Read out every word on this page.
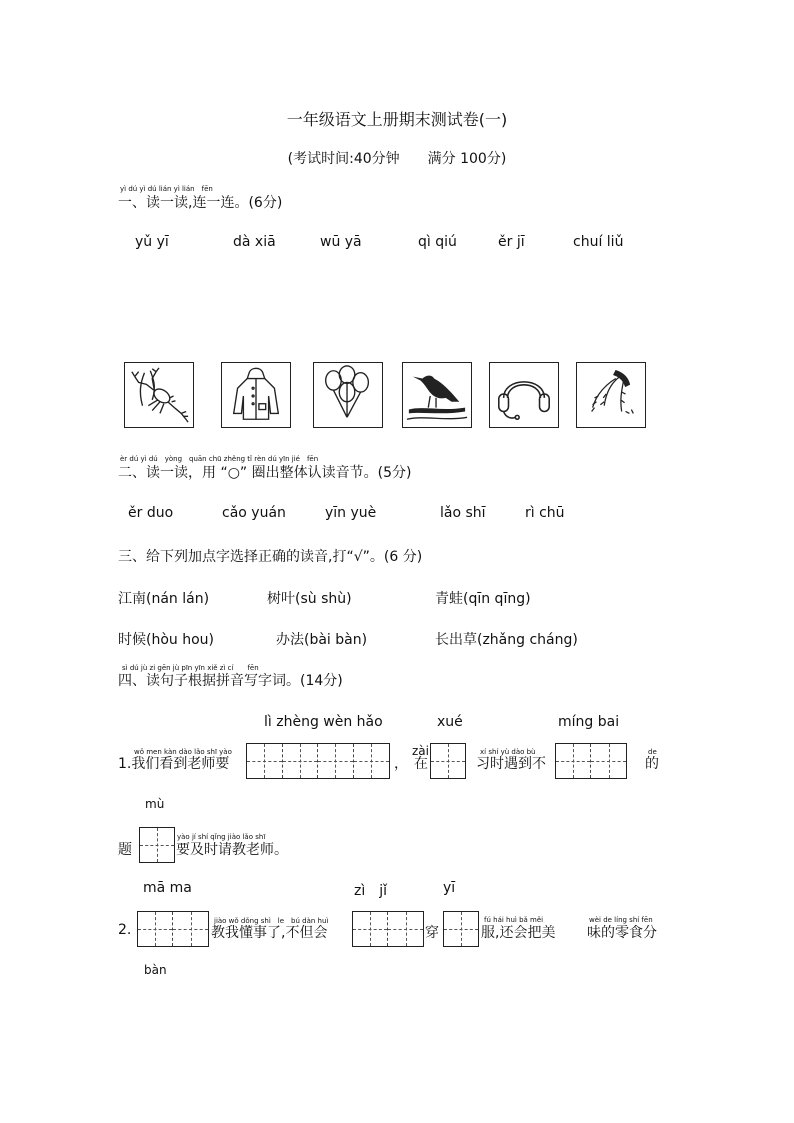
一年级语文上册期末测试卷(一)
(考试时间:40分钟　　满分 100分)
yì dú yì dú lián yì lián　fēn
一、读一读,连一连。(6分)
yǔ yī	dà xiā	wū yā	qì qiú	ěr jī	chuí liǔ
èr dú yì dú　yòng　quān chū zhěng tǐ rèn dú yīn jié　fēn
二、读一读，用 “○” 圈出整体认读音节。(5分)
ěr duo	cǎo yuán	yīn yuè	lǎo shī	rì chū
三、给下列加点字选择正确的读音,打“√”。(6 分)
江南(nán lán)	树叶(sù shù)	青蛙(qīn qīng)
时候(hòu hou)	办法(bài bàn)	长出草(zhǎng cháng)
sì dú jù zi gēn jù pīn yīn xiě zì cí　　fēn
四、读句子根据拼音写字词。(14分)
lì zhèng wèn hǎo	xué	míng bai
wǒ men kàn dào lǎo shī yào
1.我们看到老师要	，
zài
在
xí shí yù dào bù
习时遇到不
de
的
mù
题
yào jí shí qǐng jiào lǎo shī
要及时请教老师。
mā ma	zì　jǐ	yī
2.
jiào wǒ dǒng shì　le　bú dàn huì
教我懂事了,不但会	穿
fú hái huì bǎ měi
服,还会把美
wèi de líng shí fēn
味的零食分
bàn
